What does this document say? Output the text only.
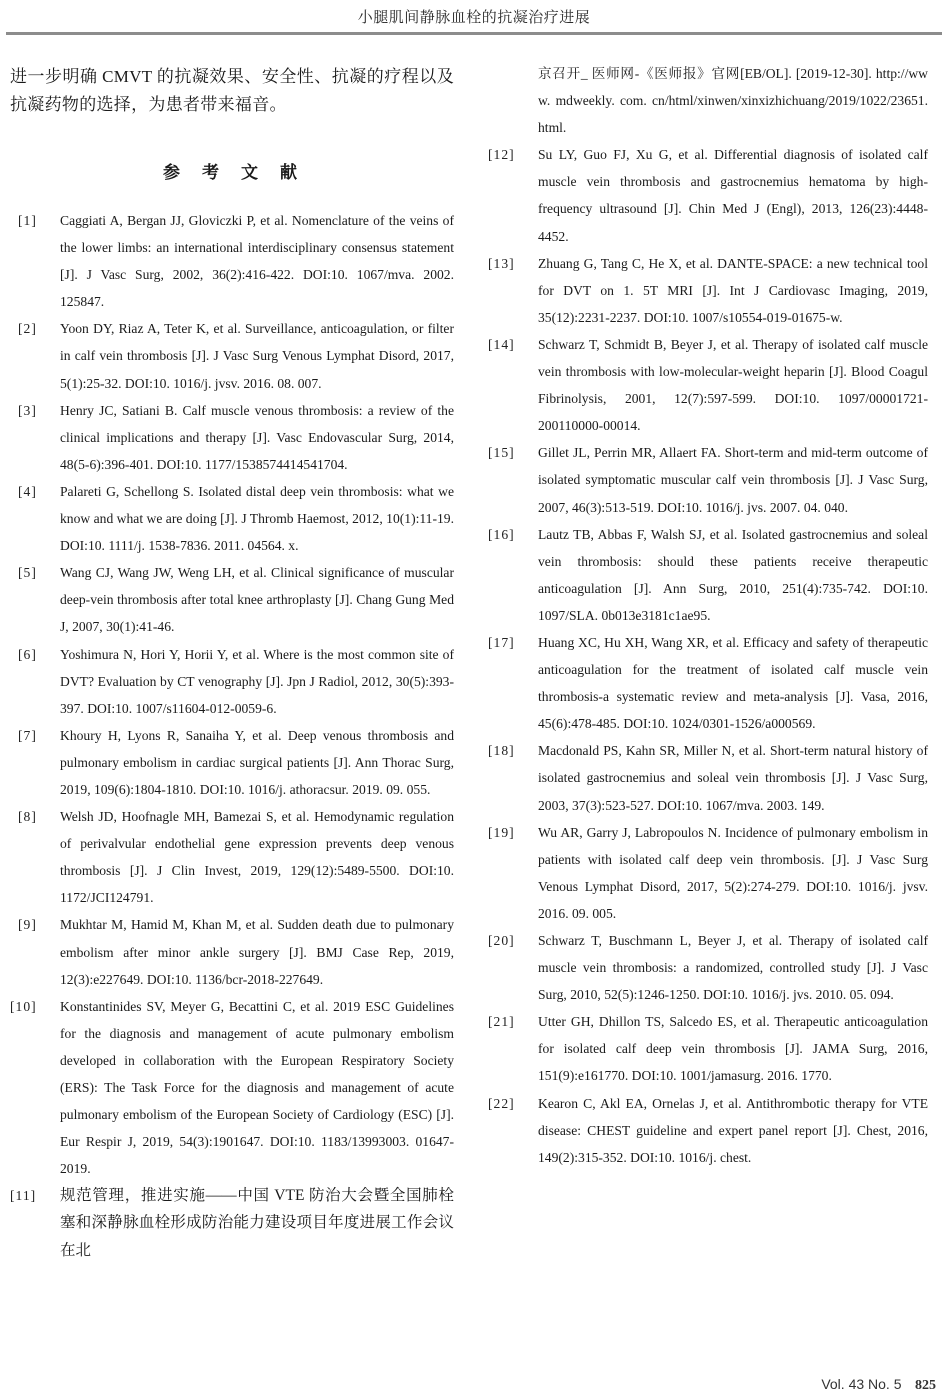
小腿肌间静脉血栓的抗凝治疗进展

进一步明确 CMVT 的抗凝效果、安全性、抗凝的疗程以及抗凝药物的选择，为患者带来福音。

参考文献
[1]	Caggiati A, Bergan JJ, Gloviczki P, et al. Nomenclature of the veins of the lower limbs: an international interdisciplinary consensus statement [J]. J Vasc Surg, 2002, 36(2):416-422. DOI:10. 1067/mva. 2002. 125847.
[2]	Yoon DY, Riaz A, Teter K, et al. Surveillance, anticoagulation, or filter in calf vein thrombosis [J]. J Vasc Surg Venous Lymphat Disord, 2017, 5(1):25-32. DOI:10. 1016/j. jvsv. 2016. 08. 007.
[3]	Henry JC, Satiani B. Calf muscle venous thrombosis: a review of the clinical implications and therapy [J]. Vasc Endovascular Surg, 2014, 48(5-6):396-401. DOI:10. 1177/1538574414541704.
[4]	Palareti G, Schellong S. Isolated distal deep vein thrombosis: what we know and what we are doing [J]. J Thromb Haemost, 2012, 10(1):11-19. DOI:10. 1111/j. 1538-7836. 2011. 04564. x.
[5]	Wang CJ, Wang JW, Weng LH, et al. Clinical significance of muscular deep-vein thrombosis after total knee arthroplasty [J]. Chang Gung Med J, 2007, 30(1):41-46.
[6]	Yoshimura N, Hori Y, Horii Y, et al. Where is the most common site of DVT? Evaluation by CT venography [J]. Jpn J Radiol, 2012, 30(5):393-397. DOI:10. 1007/s11604-012-0059-6.
[7]	Khoury H, Lyons R, Sanaiha Y, et al. Deep venous thrombosis and pulmonary embolism in cardiac surgical patients [J]. Ann Thorac Surg, 2019, 109(6):1804-1810. DOI:10. 1016/j. athoracsur. 2019. 09. 055.
[8]	Welsh JD, Hoofnagle MH, Bamezai S, et al. Hemodynamic regulation of perivalvular endothelial gene expression prevents deep venous thrombosis [J]. J Clin Invest, 2019, 129(12):5489-5500. DOI:10. 1172/JCI124791.
[9]	Mukhtar M, Hamid M, Khan M, et al. Sudden death due to pulmonary embolism after minor ankle surgery [J]. BMJ Case Rep, 2019, 12(3):e227649. DOI:10. 1136/bcr-2018-227649.
[10]	Konstantinides SV, Meyer G, Becattini C, et al. 2019 ESC Guidelines for the diagnosis and management of acute pulmonary embolism developed in collaboration with the European Respiratory Society (ERS): The Task Force for the diagnosis and management of acute pulmonary embolism of the European Society of Cardiology (ESC) [J]. Eur Respir J, 2019, 54(3):1901647. DOI:10. 1183/13993003. 01647-2019.
[11]	规范管理，推进实施——中国 VTE 防治大会暨全国肺栓塞和深静脉血栓形成防治能力建设项目年度进展工作会议在北
京召开_ 医师网-《医师报》官网[EB/OL]. [2019-12-30]. http://www. mdweekly. com. cn/html/xinwen/xinxizhichuang/2019/1022/23651. html.
[12]	Su LY, Guo FJ, Xu G, et al. Differential diagnosis of isolated calf muscle vein thrombosis and gastrocnemius hematoma by high-frequency ultrasound [J]. Chin Med J (Engl), 2013, 126(23):4448-4452.
[13]	Zhuang G, Tang C, He X, et al. DANTE-SPACE: a new technical tool for DVT on 1. 5T MRI [J]. Int J Cardiovasc Imaging, 2019, 35(12):2231-2237. DOI:10. 1007/s10554-019-01675-w.
[14]	Schwarz T, Schmidt B, Beyer J, et al. Therapy of isolated calf muscle vein thrombosis with low-molecular-weight heparin [J]. Blood Coagul Fibrinolysis, 2001, 12(7):597-599. DOI:10. 1097/00001721-200110000-00014.
[15]	Gillet JL, Perrin MR, Allaert FA. Short-term and mid-term outcome of isolated symptomatic muscular calf vein thrombosis [J]. J Vasc Surg, 2007, 46(3):513-519. DOI:10. 1016/j. jvs. 2007. 04. 040.
[16]	Lautz TB, Abbas F, Walsh SJ, et al. Isolated gastrocnemius and soleal vein thrombosis: should these patients receive therapeutic anticoagulation [J]. Ann Surg, 2010, 251(4):735-742. DOI:10. 1097/SLA. 0b013e3181c1ae95.
[17]	Huang XC, Hu XH, Wang XR, et al. Efficacy and safety of therapeutic anticoagulation for the treatment of isolated calf muscle vein thrombosis-a systematic review and meta-analysis [J]. Vasa, 2016, 45(6):478-485. DOI:10. 1024/0301-1526/a000569.
[18]	Macdonald PS, Kahn SR, Miller N, et al. Short-term natural history of isolated gastrocnemius and soleal vein thrombosis [J]. J Vasc Surg, 2003, 37(3):523-527. DOI:10. 1067/mva. 2003. 149.
[19]	Wu AR, Garry J, Labropoulos N. Incidence of pulmonary embolism in patients with isolated calf deep vein thrombosis. [J]. J Vasc Surg Venous Lymphat Disord, 2017, 5(2):274-279. DOI:10. 1016/j. jvsv. 2016. 09. 005.
[20]	Schwarz T, Buschmann L, Beyer J, et al. Therapy of isolated calf muscle vein thrombosis: a randomized, controlled study [J]. J Vasc Surg, 2010, 52(5):1246-1250. DOI:10. 1016/j. jvs. 2010. 05. 094.
[21]	Utter GH, Dhillon TS, Salcedo ES, et al. Therapeutic anticoagulation for isolated calf deep vein thrombosis [J]. JAMA Surg, 2016, 151(9):e161770. DOI:10. 1001/jamasurg. 2016. 1770.
[22]	Kearon C, Akl EA, Ornelas J, et al. Antithrombotic therapy for VTE disease: CHEST guideline and expert panel report [J]. Chest, 2016, 149(2):315-352. DOI:10. 1016/j. chest.
Vol. 43 No. 5 825
